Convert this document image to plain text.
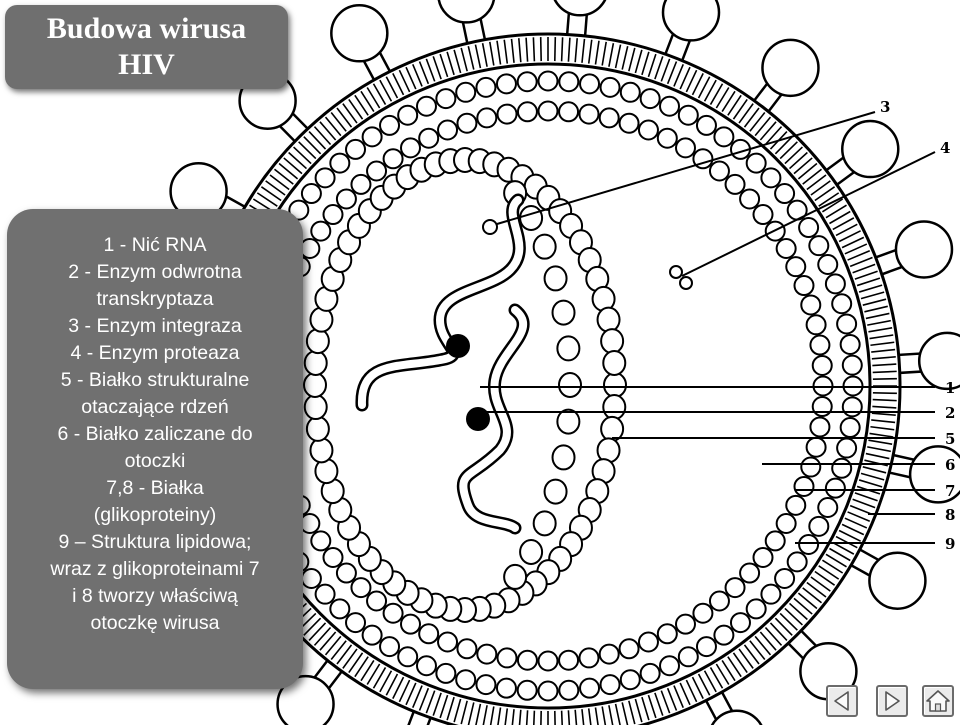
1
2
3
4
5
6
7
8
9
Budowa wirusa
HIV
1 - Nić RNA
2 - Enzym odwrotna
transkryptaza
3 - Enzym integraza
4 - Enzym proteaza
5 - Białko strukturalne
otaczające rdzeń
6 - Białko zaliczane do
otoczki
7,8 - Białka
(glikoproteiny)
9 – Struktura lipidowa;
wraz z glikoproteinami 7
i 8 tworzy właściwą
otoczkę wirusa
